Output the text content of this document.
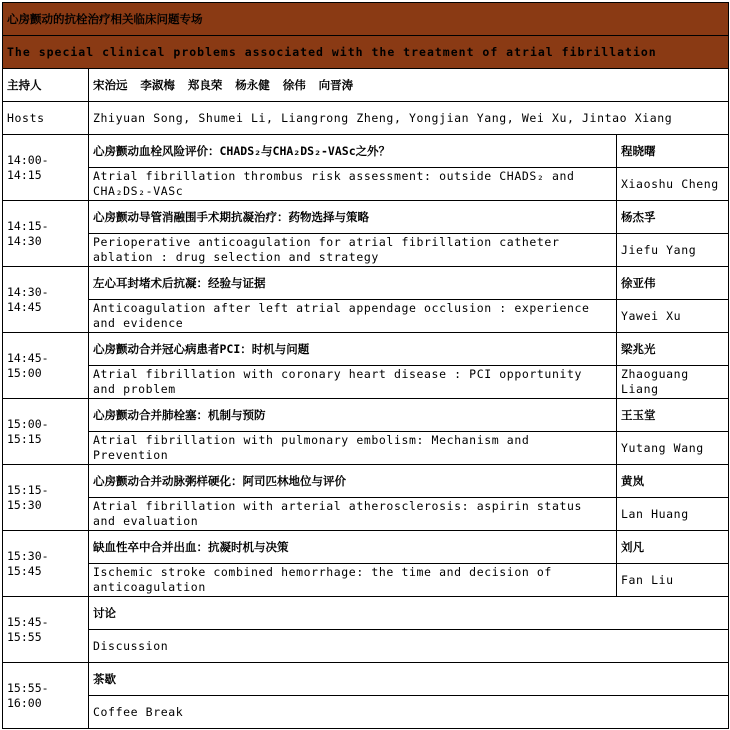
心房颤动的抗栓治疗相关临床问题专场		
The special clinical problems associated with the treatment of atrial fibrillation		
主持人	宋治远 李淑梅 郑良荣 杨永健 徐伟 向晋涛	
Hosts	Zhiyuan Song, Shumei Li, Liangrong Zheng, Yongjian Yang, Wei Xu, Jintao Xiang	
14:00-
14:15	心房颤动血栓风险评价：CHADS₂与CHA₂DS₂-VASc之外？	程晓曙
	Atrial fibrillation thrombus risk assessment: outside CHADS₂ and CHA₂DS₂-VASc	Xiaoshu Cheng
14:15-
14:30	心房颤动导管消融围手术期抗凝治疗：药物选择与策略	杨杰孚
	Perioperative anticoagulation for atrial fibrillation catheter ablation : drug selection and strategy	Jiefu Yang
14:30-
14:45	左心耳封堵术后抗凝：经验与证据	徐亚伟
	Anticoagulation after left atrial appendage occlusion : experience and evidence	Yawei Xu
14:45-
15:00	心房颤动合并冠心病患者PCI：时机与问题	梁兆光
	Atrial fibrillation with coronary heart disease : PCI opportunity and problem	Zhaoguang Liang
15:00-
15:15	心房颤动合并肺栓塞：机制与预防	王玉堂
	Atrial fibrillation with pulmonary embolism: Mechanism and Prevention	Yutang Wang
15:15-
15:30	心房颤动合并动脉粥样硬化：阿司匹林地位与评价	黄岚
	Atrial fibrillation with arterial atherosclerosis: aspirin status and evaluation	Lan Huang
15:30-
15:45	缺血性卒中合并出血：抗凝时机与决策	刘凡
	Ischemic stroke combined hemorrhage: the time and decision of anticoagulation	Fan Liu
15:45-
15:55	讨论	
	Discussion	
15:55-
16:00	茶歇	
	Coffee Break	
